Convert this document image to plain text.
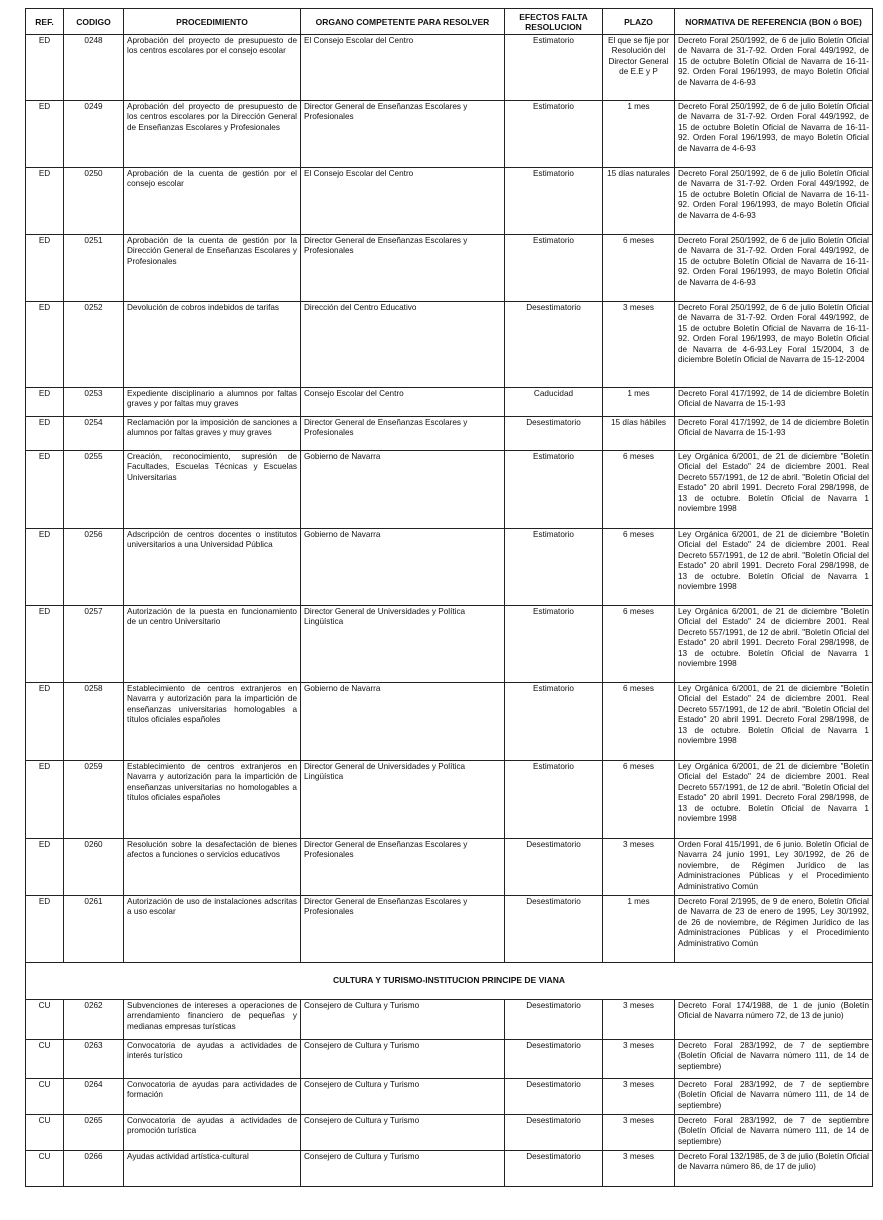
REF.	CODIGO	PROCEDIMIENTO	ORGANO COMPETENTE PARA RESOLVER	EFECTOS FALTA RESOLUCION	PLAZO	NORMATIVA DE REFERENCIA (BON ó BOE)
ED	0248	Aprobación del proyecto de presupuesto de los centros escolares por el consejo escolar	El Consejo Escolar del Centro	Estimatorio	El que se fije por Resolución del Director General de E.E y P	Decreto Foral 250/1992, de 6 de julio Boletín Oficial de Navarra de 31-7-92. Orden Foral 449/1992, de 15 de octubre Boletín Oficial de Navarra de 16-11-92. Orden Foral 196/1993, de mayo Boletín Oficial de Navarra de 4-6-93
ED	0249	Aprobación del proyecto de presupuesto de los centros escolares por la Dirección General de Enseñanzas Escolares y Profesionales	Director General de Enseñanzas Escolares y Profesionales	Estimatorio	1 mes	Decreto Foral 250/1992, de 6 de julio Boletín Oficial de Navarra de 31-7-92. Orden Foral 449/1992, de 15 de octubre Boletín Oficial de Navarra de 16-11-92. Orden Foral 196/1993, de mayo Boletín Oficial de Navarra de 4-6-93
ED	0250	Aprobación de la cuenta de gestión por el consejo escolar	El Consejo Escolar del Centro	Estimatorio	15 días naturales	Decreto Foral 250/1992, de 6 de julio Boletín Oficial de Navarra de 31-7-92. Orden Foral 449/1992, de 15 de octubre Boletín Oficial de Navarra de 16-11-92. Orden Foral 196/1993, de mayo Boletín Oficial de Navarra de 4-6-93
ED	0251	Aprobación de la cuenta de gestión por la Dirección General de Enseñanzas Escolares y Profesionales	Director General de Enseñanzas Escolares y Profesionales	Estimatorio	6 meses	Decreto Foral 250/1992, de 6 de julio Boletín Oficial de Navarra de 31-7-92. Orden Foral 449/1992, de 15 de octubre Boletín Oficial de Navarra de 16-11-92. Orden Foral 196/1993, de mayo Boletín Oficial de Navarra de 4-6-93
ED	0252	Devolución de cobros indebidos de tarifas	Dirección del Centro Educativo	Desestimatorio	3 meses	Decreto Foral 250/1992, de 6 de julio Boletín Oficial de Navarra de 31-7-92. Orden Foral 449/1992, de 15 de octubre Boletín Oficial de Navarra de 16-11-92. Orden Foral 196/1993, de mayo Boletín Oficial de Navarra de 4-6-93.Ley Foral 15/2004, 3 de diciembre Boletín Oficial de Navarra de 15-12-2004
ED	0253	Expediente disciplinario a alumnos por faltas graves y por faltas muy graves	Consejo Escolar del Centro	Caducidad	1 mes	Decreto Foral 417/1992, de 14 de diciembre Boletín Oficial de Navarra de 15-1-93
ED	0254	Reclamación por la imposición de sanciones a alumnos por faltas graves y muy graves	Director General de Enseñanzas Escolares y Profesionales	Desestimatorio	15 días hábiles	Decreto Foral 417/1992, de 14 de diciembre Boletín Oficial de Navarra de 15-1-93
ED	0255	Creación, reconocimiento, supresión de Facultades, Escuelas Técnicas y Escuelas Universitarias	Gobierno de Navarra	Estimatorio	6 meses	Ley Orgánica 6/2001, de 21 de diciembre "Boletín Oficial del Estado" 24 de diciembre 2001. Real Decreto 557/1991, de 12 de abril. "Boletín Oficial del Estado" 20 abril 1991. Decreto Foral 298/1998, de 13 de octubre. Boletín Oficial de Navarra 1 noviembre 1998
ED	0256	Adscripción de centros docentes o institutos universitarios a una Universidad Pública	Gobierno de Navarra	Estimatorio	6 meses	Ley Orgánica 6/2001, de 21 de diciembre "Boletín Oficial del Estado" 24 de diciembre 2001. Real Decreto 557/1991, de 12 de abril. "Boletín Oficial del Estado" 20 abril 1991. Decreto Foral 298/1998, de 13 de octubre. Boletín Oficial de Navarra 1 noviembre 1998
ED	0257	Autorización de la puesta en funcionamiento de un centro Universitario	Director General de Universidades y Política Lingüística	Estimatorio	6 meses	Ley Orgánica 6/2001, de 21 de diciembre "Boletín Oficial del Estado" 24 de diciembre 2001. Real Decreto 557/1991, de 12 de abril. "Boletín Oficial del Estado" 20 abril 1991. Decreto Foral 298/1998, de 13 de octubre. Boletín Oficial de Navarra 1 noviembre 1998
ED	0258	Establecimiento de centros extranjeros en Navarra y autorización para la impartición de enseñanzas universitarias homologables a títulos oficiales españoles	Gobierno de Navarra	Estimatorio	6 meses	Ley Orgánica 6/2001, de 21 de diciembre "Boletín Oficial del Estado" 24 de diciembre 2001. Real Decreto 557/1991, de 12 de abril. "Boletín Oficial del Estado" 20 abril 1991. Decreto Foral 298/1998, de 13 de octubre. Boletín Oficial de Navarra 1 noviembre 1998
ED	0259	Establecimiento de centros extranjeros en Navarra y autorización para la impartición de enseñanzas universitarias no homologables a títulos oficiales españoles	Director General de Universidades y Política Lingüística	Estimatorio	6 meses	Ley Orgánica 6/2001, de 21 de diciembre "Boletín Oficial del Estado" 24 de diciembre 2001. Real Decreto 557/1991, de 12 de abril. "Boletín Oficial del Estado" 20 abril 1991. Decreto Foral 298/1998, de 13 de octubre. Boletín Oficial de Navarra 1 noviembre 1998
ED	0260	Resolución sobre la desafectación de bienes afectos a funciones o servicios educativos	Director General de Enseñanzas Escolares y Profesionales	Desestimatorio	3 meses	Orden Foral 415/1991, de 6 junio. Boletín Oficial de Navarra 24 junio 1991, Ley 30/1992, de 26 de noviembre, de Régimen Jurídico de las Administraciones Públicas y el Procedimiento Administrativo Común
ED	0261	Autorización de uso de instalaciones adscritas a uso escolar	Director General de Enseñanzas Escolares y Profesionales	Desestimatorio	1 mes	Decreto Foral 2/1995, de 9 de enero, Boletín Oficial de Navarra de 23 de enero de 1995, Ley 30/1992, de 26 de noviembre, de Régimen Jurídico de las Administraciones Públicas y el Procedimiento Administrativo Común
CULTURA Y TURISMO-INSTITUCION PRINCIPE DE VIANA						
CU	0262	Subvenciones de intereses a operaciones de arrendamiento financiero de pequeñas y medianas empresas turísticas	Consejero de Cultura y Turismo	Desestimatorio	3 meses	Decreto Foral 174/1988, de 1 de junio (Boletín Oficial de Navarra número 72, de 13 de junio)
CU	0263	Convocatoria de ayudas a actividades de interés turístico	Consejero de Cultura y Turismo	Desestimatorio	3 meses	Decreto Foral 283/1992, de 7 de septiembre (Boletín Oficial de Navarra número 111, de 14 de septiembre)
CU	0264	Convocatoria de ayudas para actividades de formación	Consejero de Cultura y Turismo	Desestimatorio	3 meses	Decreto Foral 283/1992, de 7 de septiembre (Boletín Oficial de Navarra número 111, de 14 de septiembre)
CU	0265	Convocatoria de ayudas a actividades de promoción turística	Consejero de Cultura y Turismo	Desestimatorio	3 meses	Decreto Foral 283/1992, de 7 de septiembre (Boletín Oficial de Navarra número 111, de 14 de septiembre)
CU	0266	Ayudas actividad artística-cultural	Consejero de Cultura y Turismo	Desestimatorio	3 meses	Decreto Foral 132/1985, de 3 de julio (Boletín Oficial de Navarra número 86, de 17 de julio)
